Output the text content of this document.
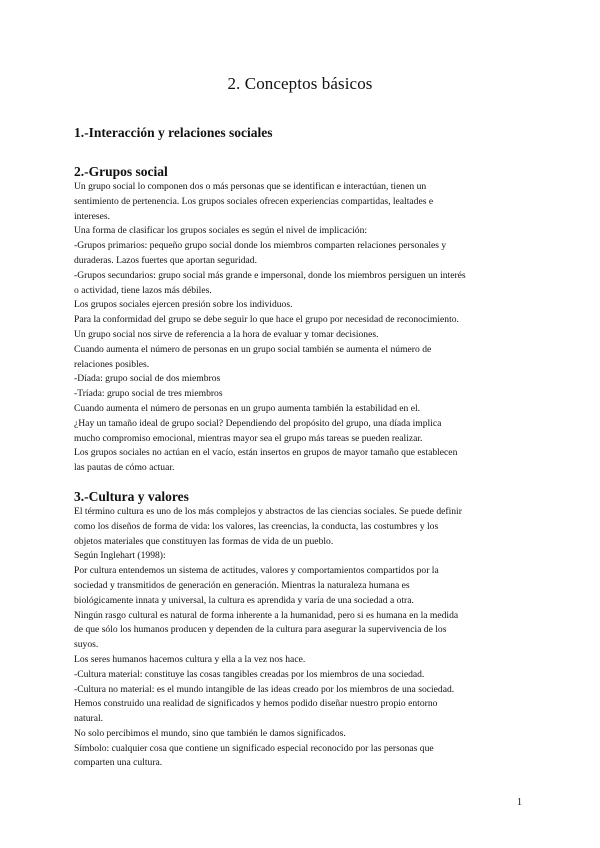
2. Conceptos básicos
1.-Interacción y relaciones sociales
2.-Grupos social
Un grupo social lo componen dos o más personas que se identifican e interactúan, tienen un
sentimiento de pertenencia. Los grupos sociales ofrecen experiencias compartidas, lealtades e
intereses.
Una forma de clasificar los grupos sociales es según el nivel de implicación:
-Grupos primarios: pequeño grupo social donde los miembros comparten relaciones personales y
duraderas. Lazos fuertes que aportan seguridad.
-Grupos secundarios: grupo social más grande e impersonal, donde los miembros persiguen un interés
o actividad, tiene lazos más débiles.
Los grupos sociales ejercen presión sobre los individuos.
Para la conformidad del grupo se debe seguir lo que hace el grupo por necesidad de reconocimiento.
Un grupo social nos sirve de referencia a la hora de evaluar y tomar decisiones.
Cuando aumenta el número de personas en un grupo social también se aumenta el número de
relaciones posibles.
-Díada: grupo social de dos miembros
-Tríada: grupo social de tres miembros
Cuando aumenta el número de personas en un grupo aumenta también la estabilidad en el.
¿Hay un tamaño ideal de grupo social? Dependiendo del propósito del grupo, una díada implica
mucho compromiso emocional, mientras mayor sea el grupo más tareas se pueden realizar.
Los grupos sociales no actúan en el vacío, están insertos en grupos de mayor tamaño que establecen
las pautas de cómo actuar.
3.-Cultura y valores
El término cultura es uno de los más complejos y abstractos de las ciencias sociales. Se puede definir
como los diseños de forma de vida: los valores, las creencias, la conducta, las costumbres y los
objetos materiales que constituyen las formas de vida de un pueblo.
Según Inglehart (1998):
Por cultura entendemos un sistema de actitudes, valores y comportamientos compartidos por la
sociedad y transmitidos de generación en generación. Mientras la naturaleza humana es
biológicamente innata y universal, la cultura es aprendida y varía de una sociedad a otra.
Ningún rasgo cultural es natural de forma inherente a la humanidad, pero si es humana en la medida
de que sólo los humanos producen y dependen de la cultura para asegurar la supervivencia de los
suyos.
Los seres humanos hacemos cultura y ella a la vez nos hace.
-Cultura material: constituye las cosas tangibles creadas por los miembros de una sociedad.
-Cultura no material: es el mundo intangible de las ideas creado por los miembros de una sociedad.
Hemos construido una realidad de significados y hemos podido diseñar nuestro propio entorno
natural.
No solo percibimos el mundo, sino que también le damos significados.
Símbolo: cualquier cosa que contiene un significado especial reconocido por las personas que
comparten una cultura.
1
